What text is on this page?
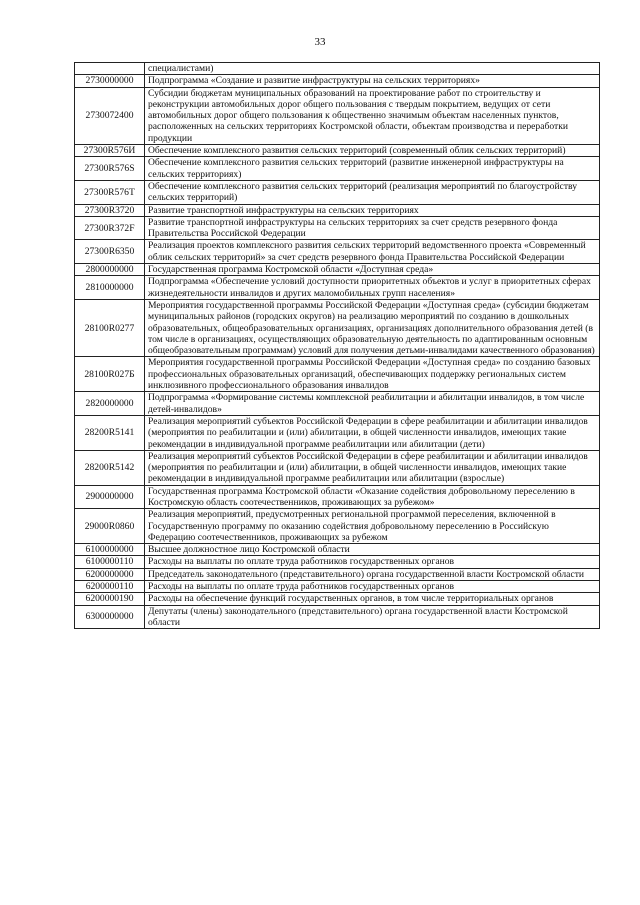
33
	специалистами)
2730000000	Подпрограмма «Создание и развитие инфраструктуры на сельских территориях»
2730072400	Субсидии бюджетам муниципальных образований на проектирование работ по строительству и реконструкции автомобильных дорог общего пользования с твердым покрытием, ведущих от сети автомобильных дорог общего пользования к общественно значимым объектам населенных пунктов, расположенных на сельских территориях Костромской области, объектам производства и переработки продукции
27300R576И	Обеспечение комплексного развития сельских территорий (современный облик сельских территорий)
27300R576S	Обеспечение комплексного развития сельских территорий (развитие инженерной инфраструктуры на сельских территориях)
27300R576T	Обеспечение комплексного развития сельских территорий (реализация мероприятий по благоустройству сельских территорий)
27300R3720	Развитие транспортной инфраструктуры на сельских территориях
27300R372F	Развитие транспортной инфраструктуры на сельских территориях за счет средств резервного фонда Правительства Российской Федерации
27300R6350	Реализация проектов комплексного развития сельских территорий ведомственного проекта «Современный облик сельских территорий» за счет средств резервного фонда Правительства Российской Федерации
2800000000	Государственная программа Костромской области «Доступная среда»
2810000000	Подпрограмма «Обеспечение условий доступности приоритетных объектов и услуг в приоритетных сферах жизнедеятельности инвалидов и других маломобильных групп населения»
28100R0277	Мероприятия государственной программы Российской Федерации «Доступная среда» (субсидии бюджетам муниципальных районов (городских округов) на реализацию мероприятий по созданию в дошкольных образовательных, общеобразовательных организациях, организациях дополнительного образования детей (в том числе в организациях, осуществляющих образовательную деятельность по адаптированным основным общеобразовательным программам) условий для получения детьми-инвалидами качественного образования)
28100R027Б	Мероприятия государственной программы Российской Федерации «Доступная среда» по созданию базовых профессиональных образовательных организаций, обеспечивающих поддержку региональных систем инклюзивного профессионального образования инвалидов
2820000000	Подпрограмма «Формирование системы комплексной реабилитации и абилитации инвалидов, в том числе детей-инвалидов»
28200R5141	Реализация мероприятий субъектов Российской Федерации в сфере реабилитации и абилитации инвалидов (мероприятия по реабилитации и (или) абилитации, в общей численности инвалидов, имеющих такие рекомендации в индивидуальной программе реабилитации или абилитации (дети)
28200R5142	Реализация мероприятий субъектов Российской Федерации в сфере реабилитации и абилитации инвалидов (мероприятия по реабилитации и (или) абилитации, в общей численности инвалидов, имеющих такие рекомендации в индивидуальной программе реабилитации или абилитации (взрослые)
2900000000	Государственная программа Костромской области «Оказание содействия добровольному переселению в Костромскую область соотечественников, проживающих за рубежом»
29000R0860	Реализация мероприятий, предусмотренных региональной программой переселения, включенной в Государственную программу по оказанию содействия добровольному переселению в Российскую Федерацию соотечественников, проживающих за рубежом
6100000000	Высшее должностное лицо Костромской области
6100000110	Расходы на выплаты по оплате труда работников государственных органов
6200000000	Председатель законодательного (представительного) органа государственной власти Костромской области
6200000110	Расходы на выплаты по оплате труда работников государственных органов
6200000190	Расходы на обеспечение функций государственных органов, в том числе территориальных органов
6300000000	Депутаты (члены) законодательного (представительного) органа государственной власти Костромской области
